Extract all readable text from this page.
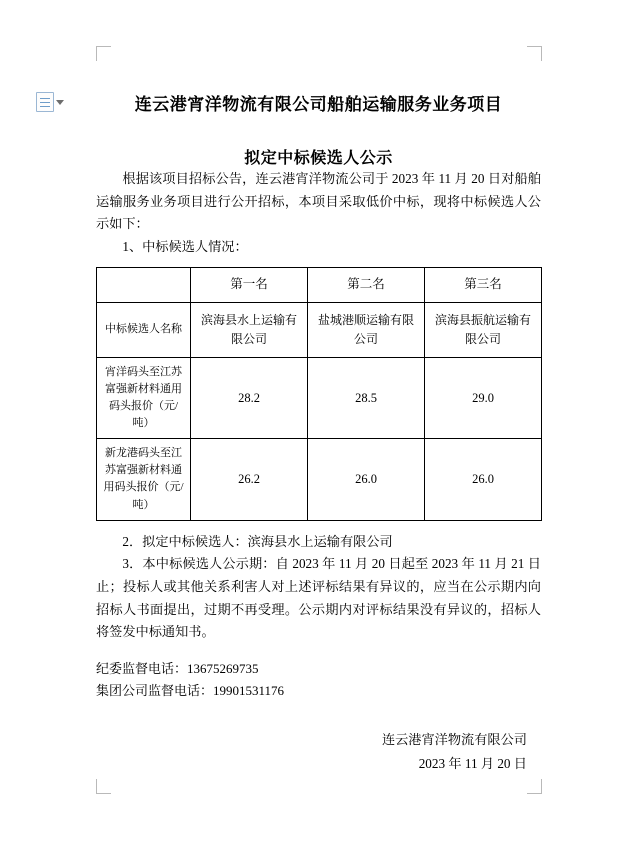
连云港宵洋物流有限公司船舶运输服务业务项目
拟定中标候选人公示

根据该项目招标公告，连云港宵洋物流公司于 2023 年 11 月 20 日对船舶运输服务业务项目进行公开招标，本项目采取低价中标，现将中标候选人公示如下：

1、中标候选人情况：

	第一名	第二名	第三名
中标候选人名称	滨海县水上运输有限公司	盐城港顺运输有限公司	滨海县振航运输有限公司
宵洋码头至江苏富强新材料通用码头报价（元/吨）	28.2	28.5	29.0
新龙港码头至江苏富强新材料通用码头报价（元/吨）	26.2	26.0	26.0

2．拟定中标候选人：滨海县水上运输有限公司

3．本中标候选人公示期：自 2023 年 11 月 20 日起至 2023 年 11 月 21 日止；投标人或其他关系利害人对上述评标结果有异议的，应当在公示期内向招标人书面提出，过期不再受理。公示期内对评标结果没有异议的，招标人将签发中标通知书。

纪委监督电话：13675269735
集团公司监督电话：19901531176
连云港宵洋物流有限公司
2023 年 11 月 20 日
